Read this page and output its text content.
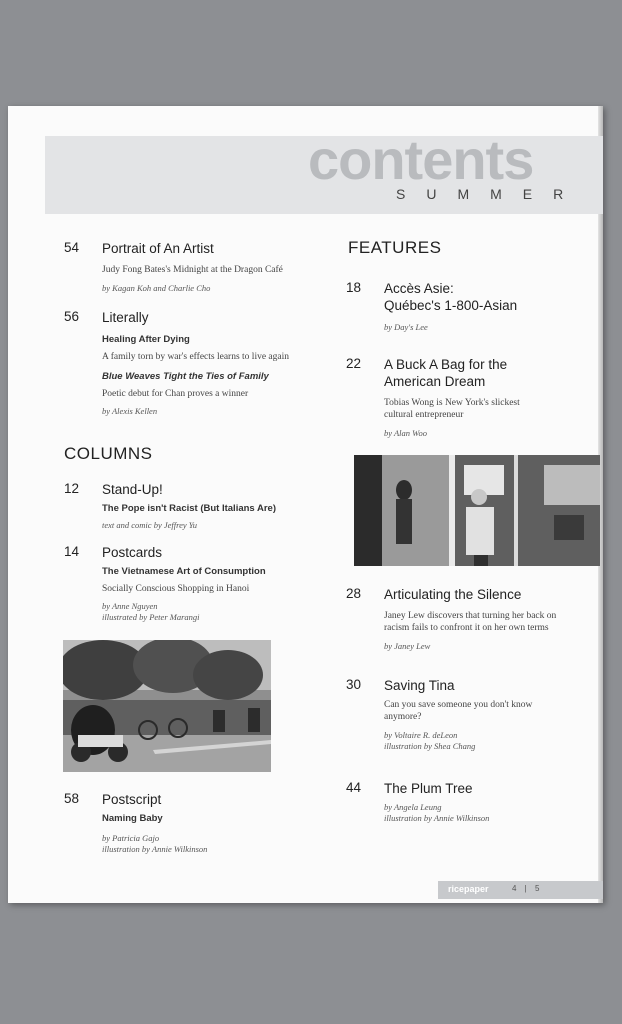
contents
SUMMER
54 Portrait of An Artist
Judy Fong Bates's Midnight at the Dragon Café
by Kagan Koh and Charlie Cho
56 Literally
Healing After Dying
A family torn by war's effects learns to live again
Blue Weaves Tight the Ties of Family
Poetic debut for Chan proves a winner
by Alexis Kellen
COLUMNS
12 Stand-Up!
The Pope isn't Racist (But Italians Are)
text and comic by Jeffrey Yu
14 Postcards
The Vietnamese Art of Consumption
Socially Conscious Shopping in Hanoi
by Anne Nguyen
illustrated by Peter Marangi
58 Postscript
Naming Baby
by Patricia Gajo
illustration by Annie Wilkinson
FEATURES
18 Accès Asie:
Québec's 1-800-Asian
by Day's Lee
22 A Buck A Bag for the
American Dream
Tobias Wong is New York's slickest
cultural entrepreneur
by Alan Woo
28 Articulating the Silence
Janey Lew discovers that turning her back on
racism fails to confront it on her own terms
by Janey Lew
30 Saving Tina
Can you save someone you don't know
anymore?
by Voltaire R. deLeon
illustration by Shea Chang
44 The Plum Tree
by Angela Leung
illustration by Annie Wilkinson
ricepaper	4 | 5
